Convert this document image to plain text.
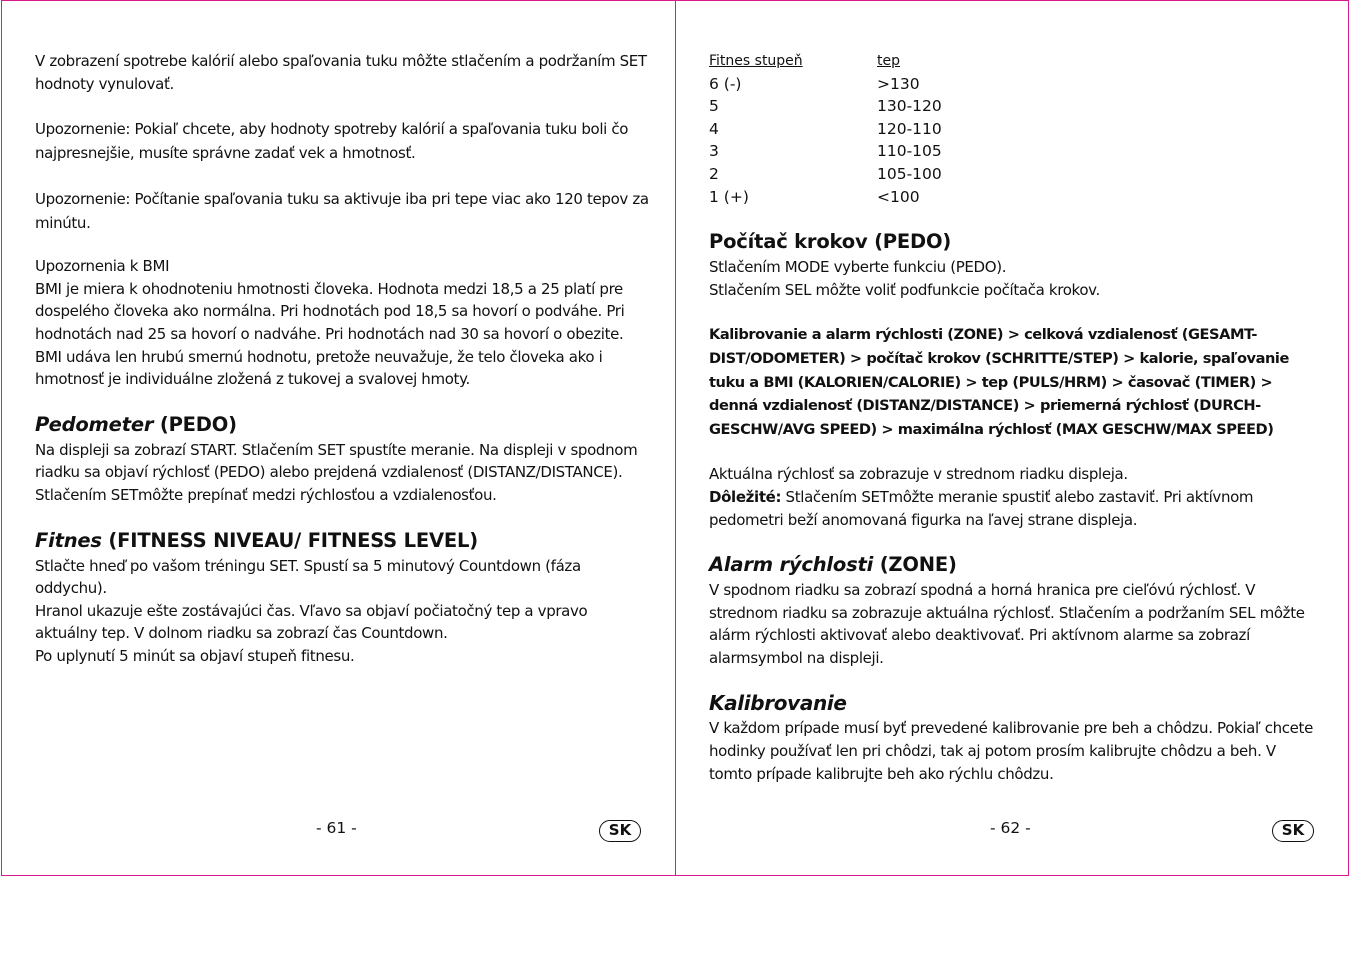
V zobrazení spotrebe kalórií alebo spaľovania tuku môžte stlačením a podržaním SET hodnoty vynulovať.

Upozornenie: Pokiaľ chcete, aby hodnoty spotreby kalórií a spaľovania tuku boli čo najpresnejšie, musíte správne zadať vek a hmotnosť.

Upozornenie: Počítanie spaľovania tuku sa aktivuje iba pri tepe viac ako 120 tepov za minútu.

Upozornenia k BMI

BMI je miera k ohodnoteniu hmotnosti človeka. Hodnota medzi 18,5 a 25 platí pre dospelého človeka ako normálna. Pri hodnotách pod 18,5 sa hovorí o podváhe. Pri hodnotách nad 25 sa hovorí o nadváhe. Pri hodnotách nad 30 sa hovorí o obezite.

BMI udáva len hrubú smernú hodnotu, pretože neuvažuje, že telo človeka ako i hmotnosť je individuálne zložená z tukovej a svalovej hmoty.

Pedometer (PEDO)

Na displeji sa zobrazí START. Stlačením SET spustíte meranie. Na displeji v spodnom riadku sa objaví rýchlosť (PEDO) alebo prejdená vzdialenosť (DISTANZ/DISTANCE). Stlačením SETmôžte prepínať medzi rýchlosťou a vzdialenosťou.

Fitnes (FITNESS NIVEAU/ FITNESS LEVEL)

Stlačte hneď po vašom tréningu SET. Spustí sa 5 minutový Countdown (fáza oddychu).

Hranol ukazuje ešte zostávajúci čas. Vľavo sa objaví počiatočný tep a vpravo aktuálny tep. V dolnom riadku sa zobrazí čas Countdown.

Po uplynutí 5 minút sa objaví stupeň fitnesu.

- 61 -	SK
Fitnes stupeň	tep
6 (-)	>130
5	130-120
4	120-110
3	110-105
2	105-100
1 (+)	<100

Počítač krokov (PEDO)

Stlačením MODE vyberte funkciu (PEDO).

Stlačením SEL môžte voliť podfunkcie počítača krokov.

Kalibrovanie a alarm rýchlosti (ZONE) > celková vzdialenosť (GESAMT-DIST/ODOMETER) > počítač krokov (SCHRITTE/STEP) > kalorie, spaľovanie tuku a BMI (KALORIEN/CALORIE) > tep (PULS/HRM) > časovač (TIMER) > denná vzdialenosť (DISTANZ/DISTANCE) > priemerná rýchlosť (DURCH-GESCHW/AVG SPEED) > maximálna rýchlosť (MAX GESCHW/MAX SPEED)

Aktuálna rýchlosť sa zobrazuje v strednom riadku displeja.

Dôležité: Stlačením SETmôžte meranie spustiť alebo zastaviť. Pri aktívnom pedometri beží anomovaná figurka na ľavej strane displeja.

Alarm rýchlosti (ZONE)

V spodnom riadku sa zobrazí spodná a horná hranica pre cieľóvú rýchlosť. V strednom riadku sa zobrazuje aktuálna rýchlosť. Stlačením a podržaním SEL môžte alárm rýchlosti aktivovať alebo deaktivovať. Pri aktívnom alarme sa zobrazí alarmsymbol na displeji.

Kalibrovanie

V každom prípade musí byť prevedené kalibrovanie pre beh a chôdzu. Pokiaľ chcete hodinky používať len pri chôdzi, tak aj potom prosím kalibrujte chôdzu a beh. V tomto prípade kalibrujte beh ako rýchlu chôdzu.

- 62 -	SK
